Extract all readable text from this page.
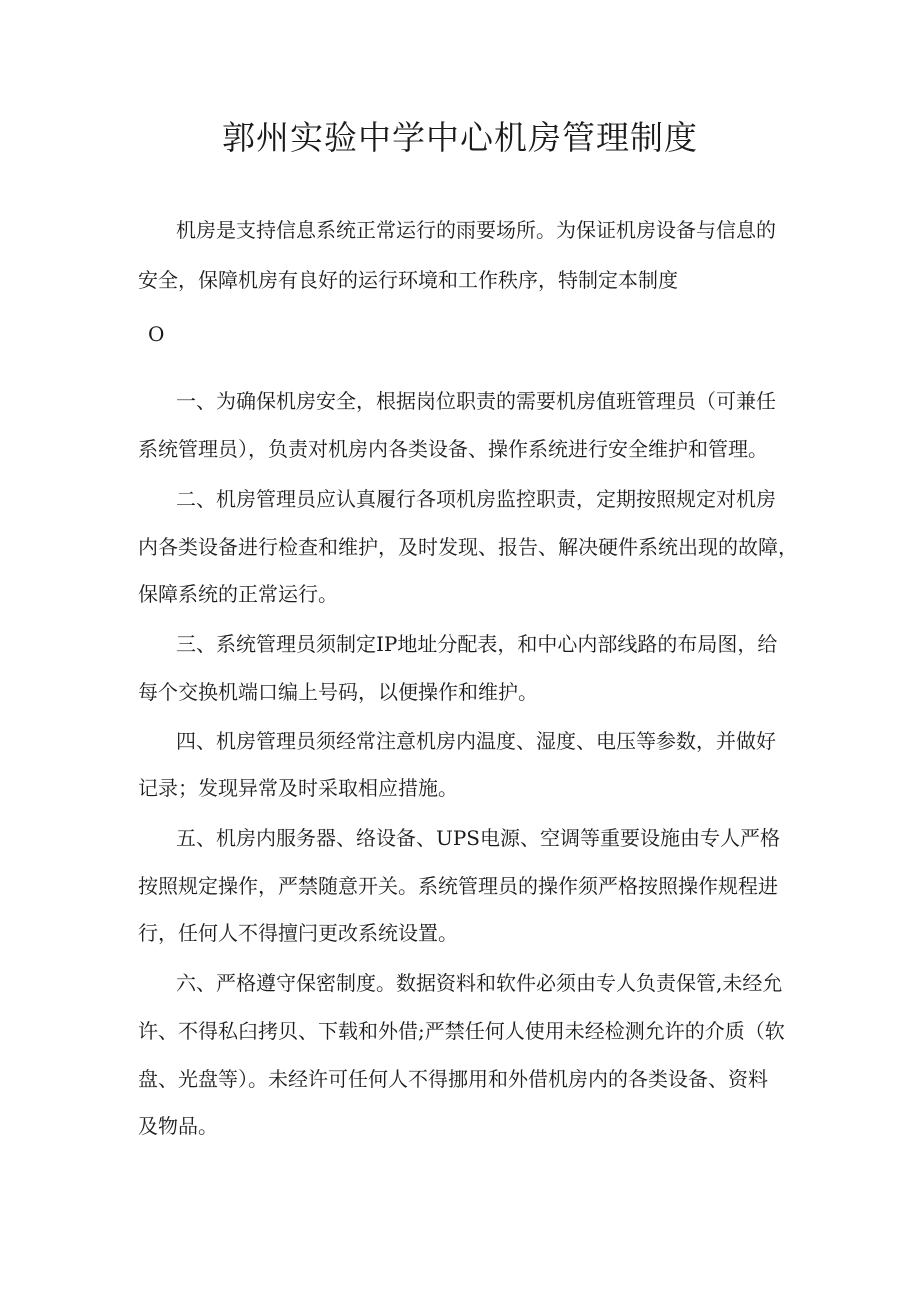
郭州实验中学中心机房管理制度
机房是支持信息系统正常运行的雨要场所。为保证机房设备与信息的
安全，保障机房有良好的运行环境和工作秩序，特制定本制度
O
一、为确保机房安全，根据岗位职责的需要机房值班管理员（可兼任
系统管理员），负责对机房内各类设备、操作系统进行安全维护和管理。
二、机房管理员应认真履行各项机房监控职责，定期按照规定对机房
内各类设备进行检查和维护，及时发现、报告、解决硬件系统出现的故障，
保障系统的正常运行。
三、系统管理员须制定IP地址分配表，和中心内部线路的布局图，给
每个交换机端口编上号码，以便操作和维护。
四、机房管理员须经常注意机房内温度、湿度、电压等参数，并做好
记录；发现异常及时采取相应措施。
五、机房内服务器、络设备、UPS电源、空调等重要设施由专人严格
按照规定操作，严禁随意开关。系统管理员的操作须严格按照操作规程进
行，任何人不得擅闩更改系统设置。
六、严格遵守保密制度。数据资料和软件必须由专人负责保管,未经允
许、不得私臼拷贝、下载和外借;严禁任何人使用未经检测允许的介质（软
盘、光盘等）。未经许可任何人不得挪用和外借机房内的各类设备、资料
及物品。
